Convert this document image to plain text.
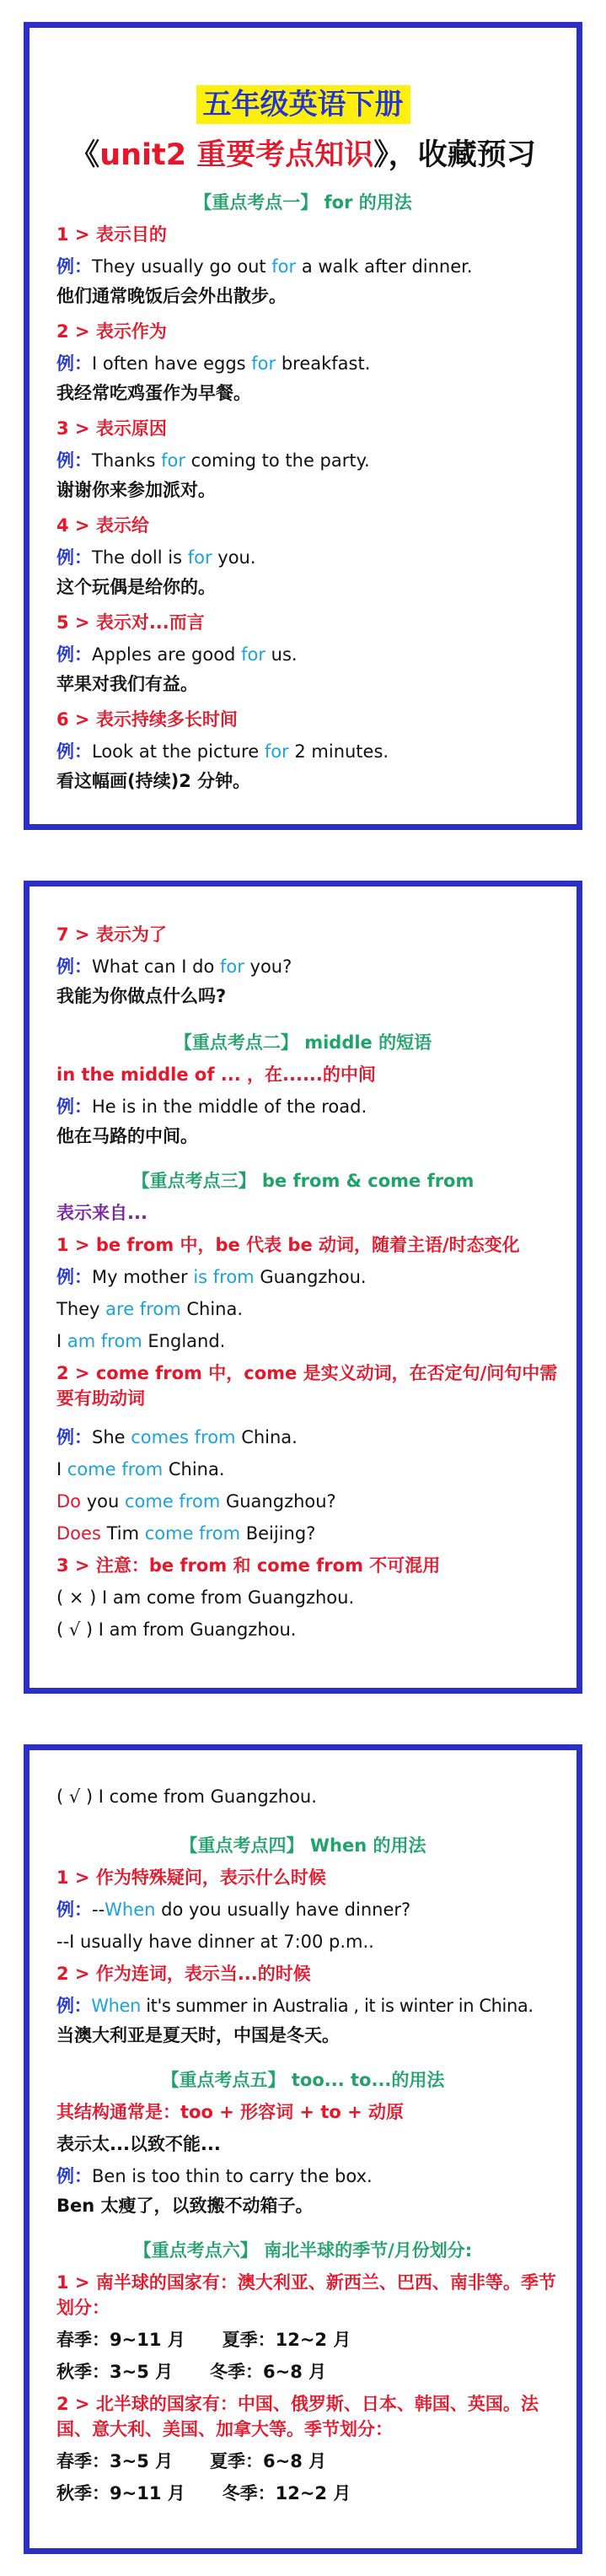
五年级英语下册
《unit2 重要考点知识》，收藏预习
【重点考点一】 for 的用法
1 > 表示目的
例：They usually go out for a walk after dinner.
他们通常晚饭后会外出散步。
2 > 表示作为
例：I often have eggs for breakfast.
我经常吃鸡蛋作为早餐。
3 > 表示原因
例：Thanks for coming to the party.
谢谢你来参加派对。
4 > 表示给
例：The doll is for you.
这个玩偶是给你的。
5 > 表示对...而言
例：Apples are good for us.
苹果对我们有益。
6 > 表示持续多长时间
例：Look at the picture for 2 minutes.
看这幅画(持续)2 分钟。
7 > 表示为了
例：What can I do for you?
我能为你做点什么吗?
【重点考点二】 middle 的短语
in the middle of ... ，在......的中间
例：He is in the middle of the road.
他在马路的中间。
【重点考点三】 be from & come from
表示来自...
1 > be from 中，be 代表 be 动词，随着主语/时态变化
例：My mother is from Guangzhou.
They are from China.
I am from England.
2 > come from 中，come 是实义动词，在否定句/问句中需要有助动词
例：She comes from China.
I come from China.
Do you come from Guangzhou?
Does Tim come from Beijing?
3 > 注意：be from 和 come from 不可混用
( × ) I am come from Guangzhou.
( √ ) I am from Guangzhou.
( √ ) I come from Guangzhou.
【重点考点四】 When 的用法
1 > 作为特殊疑问，表示什么时候
例：--When do you usually have dinner?
--I usually have dinner at 7:00 p.m..
2 > 作为连词，表示当...的时候
例：When it's summer in Australia , it is winter in China.
当澳大利亚是夏天时，中国是冬天。
【重点考点五】 too... to...的用法
其结构通常是：too + 形容词 + to + 动原
表示太...以致不能...
例：Ben is too thin to carry the box.
Ben 太瘦了，以致搬不动箱子。
【重点考点六】 南北半球的季节/月份划分:
1 > 南半球的国家有：澳大利亚、新西兰、巴西、南非等。季节划分：
春季：9~11 月      夏季：12~2 月
秋季：3~5 月      冬季：6~8 月
2 > 北半球的国家有：中国、俄罗斯、日本、韩国、英国。法国、意大利、美国、加拿大等。季节划分：
春季：3~5 月      夏季：6~8 月
秋季：9~11 月      冬季：12~2 月
